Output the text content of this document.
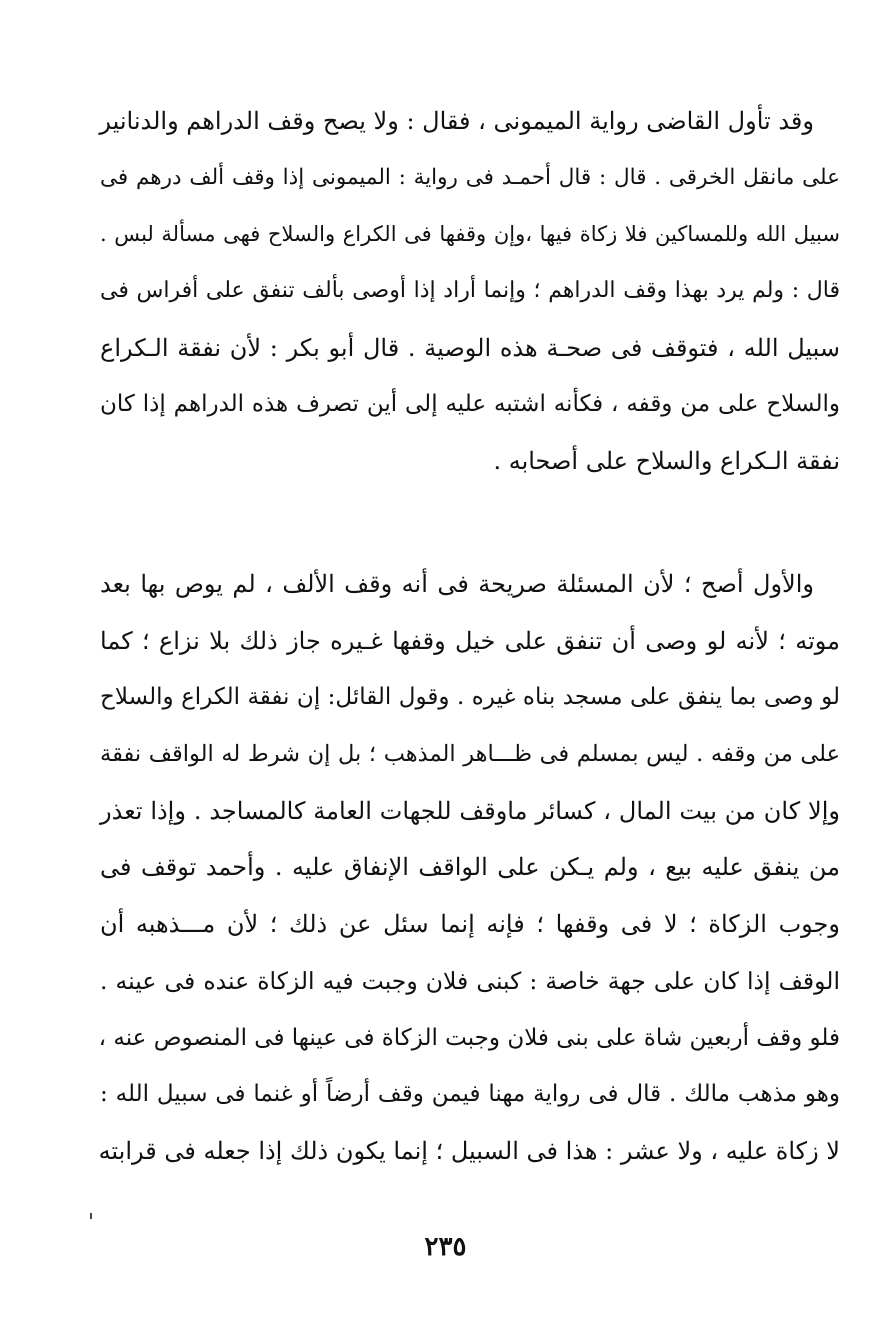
وقد تأول القاضى رواية الميمونى ، فقال : ولا يصح وقف الدراهم والدنانير
على مانقل الخرقى . قال : قال أحمـد فى رواية : الميمونى إذا وقف ألف درهم فى
سبيل الله وللمساكين فلا زكاة فيها ،وإن وقفها فى الكراع والسلاح فهى مسألة لبس .
قال : ولم يرد بهذا وقف الدراهم ؛ وإنما أراد إذا أوصى بألف تنفق على أفراس فى
سبيل الله ، فتوقف فى صحـة هذه الوصية . قال أبو بكر : لأن نفقة الـكراع
والسلاح على من وقفه ، فكأنه اشتبه عليه إلى أين تصرف هذه الدراهم إذا كان
نفقة الـكراع والسلاح على أصحابه .
والأول أصح ؛ لأن المسئلة صريحة فى أنه وقف الألف ، لم يوص بها بعد
موته ؛ لأنه لو وصى أن تنفق على خيل وقفها غـيره جاز ذلك بلا نزاع ؛ كما
لو وصى بما ينفق على مسجد بناه غيره . وقول القائل: إن نفقة الكراع والسلاح
على من وقفه . ليس بمسلم فى ظـــاهر المذهب ؛ بل إن شرط له الواقف نفقة
وإلا كان من بيت المال ، كسائر ماوقف للجهات العامة كالمساجد . وإذا تعذر
من ينفق عليه بيع ، ولم يـكن على الواقف الإنفاق عليه . وأحمد توقف فى
وجوب الزكاة ؛ لا فى وقفها ؛ فإنه إنما سئل عن ذلك ؛ لأن مـــذهبه أن
الوقف إذا كان على جهة خاصة : كبنى فلان وجبت فيه الزكاة عنده فى عينه .
فلو وقف أربعين شاة على بنى فلان وجبت الزكاة فى عينها فى المنصوص عنه ،
وهو مذهب مالك . قال فى رواية مهنا فيمن وقف أرضاً أو غنما فى سبيل الله :
لا زكاة عليه ، ولا عشر : هذا فى السبيل ؛ إنما يكون ذلك إذا جعله فى قرابته
٢٣٥
